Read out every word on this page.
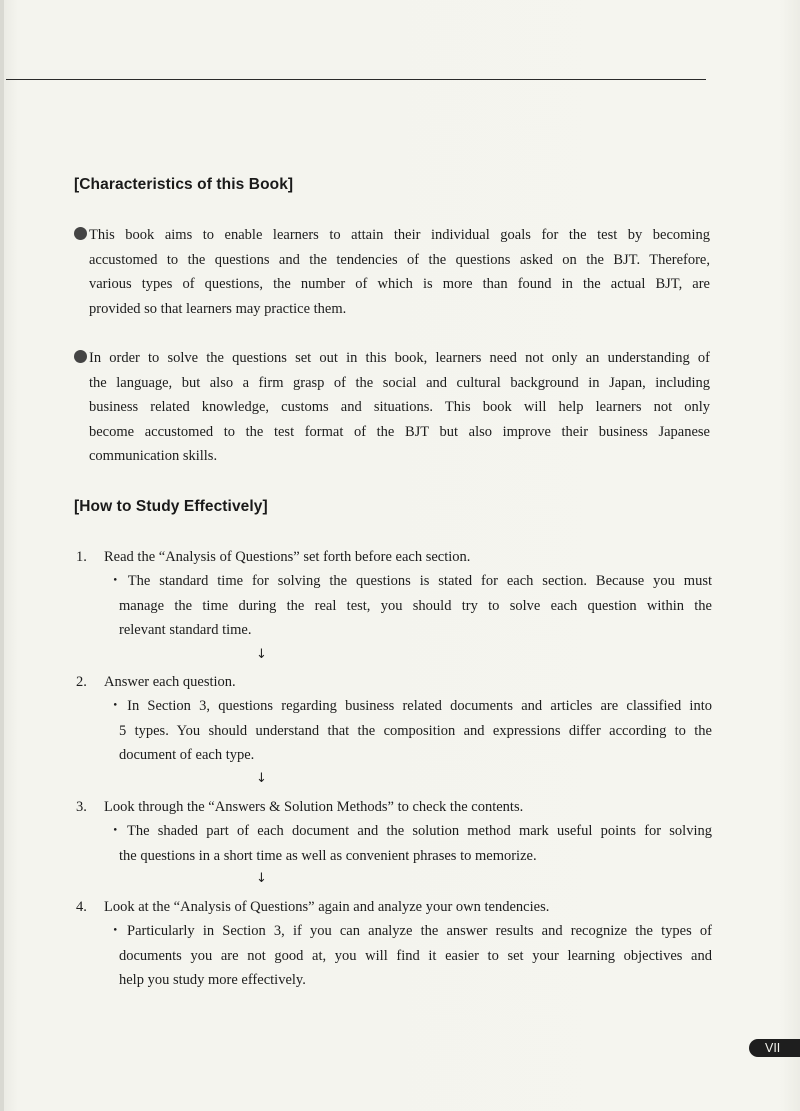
[Characteristics of this Book]
This book aims to enable learners to attain their individual goals for the test by becoming
accustomed to the questions and the tendencies of the questions asked on the BJT. Therefore,
various types of questions, the number of which is more than found in the actual BJT, are
provided so that learners may practice them.
In order to solve the questions set out in this book, learners need not only an understanding of
the language, but also a firm grasp of the social and cultural background in Japan, including
business related knowledge, customs and situations. This book will help learners not only
become accustomed to the test format of the BJT but also improve their business Japanese
communication skills.
[How to Study Effectively]
1. Read the “Analysis of Questions” set forth before each section.
・The standard time for solving the questions is stated for each section. Because you must
manage the time during the real test, you should try to solve each question within the
relevant standard time.
↓
2. Answer each question.
・In Section 3, questions regarding business related documents and articles are classified into
5 types. You should understand that the composition and expressions differ according to the
document of each type.
↓
3. Look through the “Answers & Solution Methods” to check the contents.
・The shaded part of each document and the solution method mark useful points for solving
the questions in a short time as well as convenient phrases to memorize.
↓
4. Look at the “Analysis of Questions” again and analyze your own tendencies.
・Particularly in Section 3, if you can analyze the answer results and recognize the types of
documents you are not good at, you will find it easier to set your learning objectives and
help you study more effectively.
VII
